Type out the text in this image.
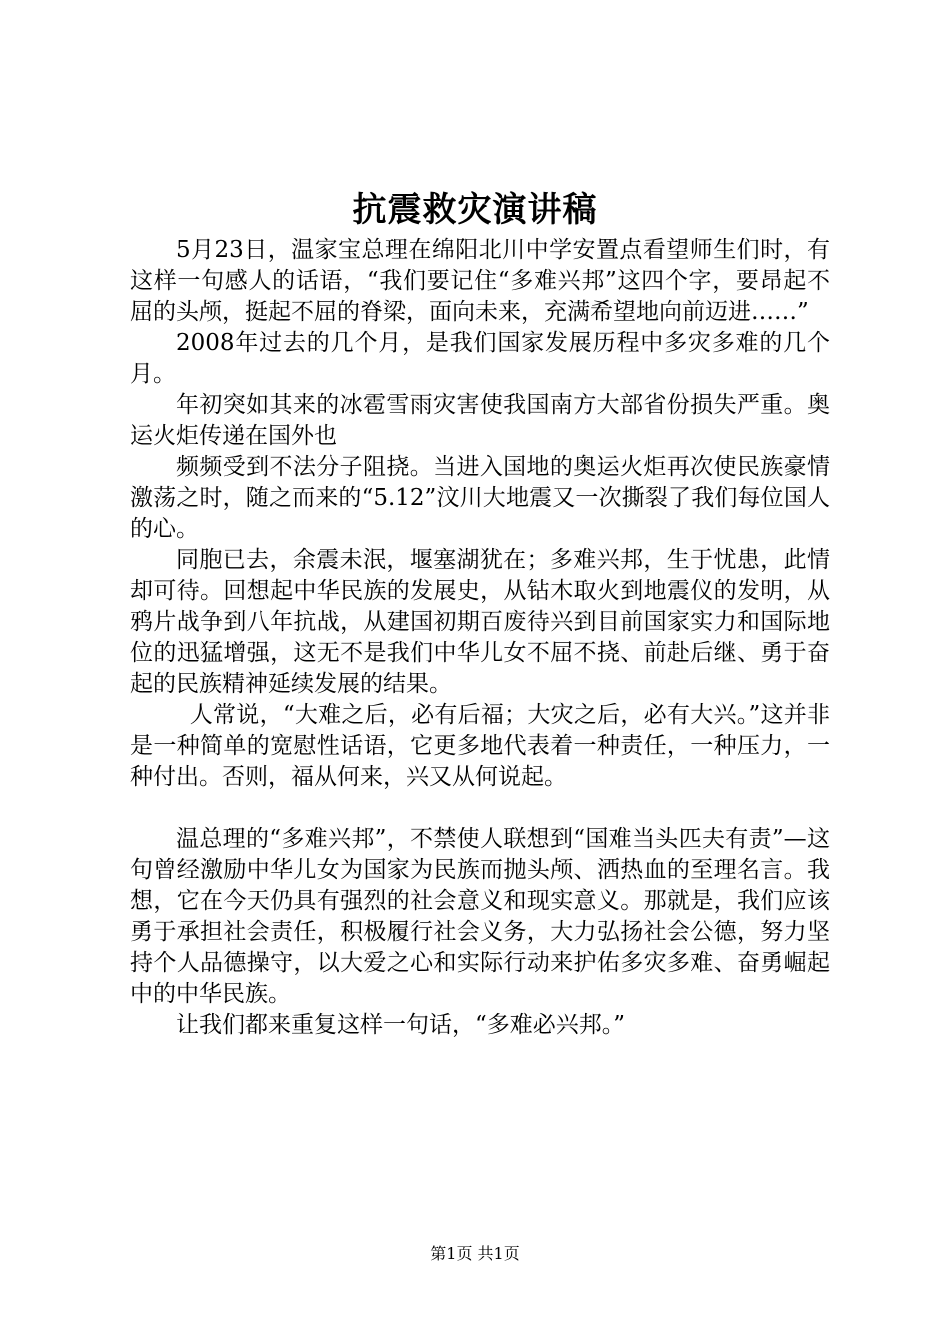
抗震救灾演讲稿

5月23日，温家宝总理在绵阳北川中学安置点看望师生们时，有这样一句感人的话语，“我们要记住“多难兴邦”这四个字，要昂起不屈的头颅，挺起不屈的脊梁，面向未来，充满希望地向前迈进……”

2008年过去的几个月，是我们国家发展历程中多灾多难的几个月。

年初突如其来的冰雹雪雨灾害使我国南方大部省份损失严重。奥运火炬传递在国外也

频频受到不法分子阻挠。当进入国地的奥运火炬再次使民族豪情激荡之时，随之而来的“5.12”汶川大地震又一次撕裂了我们每位国人的心。

同胞已去，余震未泯，堰塞湖犹在；多难兴邦，生于忧患，此情却可待。回想起中华民族的发展史，从钻木取火到地震仪的发明，从鸦片战争到八年抗战，从建国初期百废待兴到目前国家实力和国际地位的迅猛增强，这无不是我们中华儿女不屈不挠、前赴后继、勇于奋起的民族精神延续发展的结果。

人常说，“大难之后，必有后福；大灾之后，必有大兴。”这并非是一种简单的宽慰性话语，它更多地代表着一种责任，一种压力，一种付出。否则，福从何来，兴又从何说起。

温总理的“多难兴邦”，不禁使人联想到“国难当头匹夫有责”—这句曾经激励中华儿女为国家为民族而抛头颅、洒热血的至理名言。我想，它在今天仍具有强烈的社会意义和现实意义。那就是，我们应该勇于承担社会责任，积极履行社会义务，大力弘扬社会公德，努力坚持个人品德操守，以大爱之心和实际行动来护佑多灾多难、奋勇崛起中的中华民族。

让我们都来重复这样一句话，“多难必兴邦。”

第1页 共1页
